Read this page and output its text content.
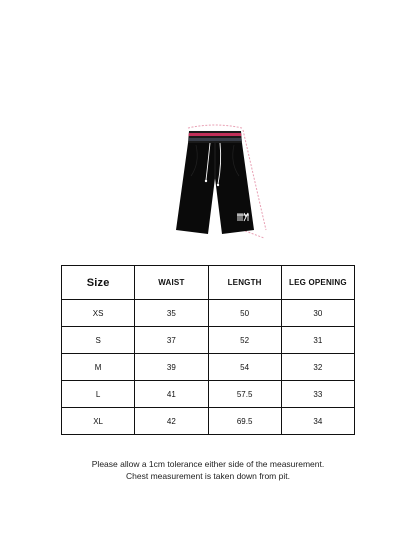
Size	WAIST	LENGTH	LEG OPENING
XS	35	50	30
S	37	52	31
M	39	54	32
L	41	57.5	33
XL	42	69.5	34
Please allow a 1cm tolerance either side of the measurement.
Chest measurement is taken down from pit.
